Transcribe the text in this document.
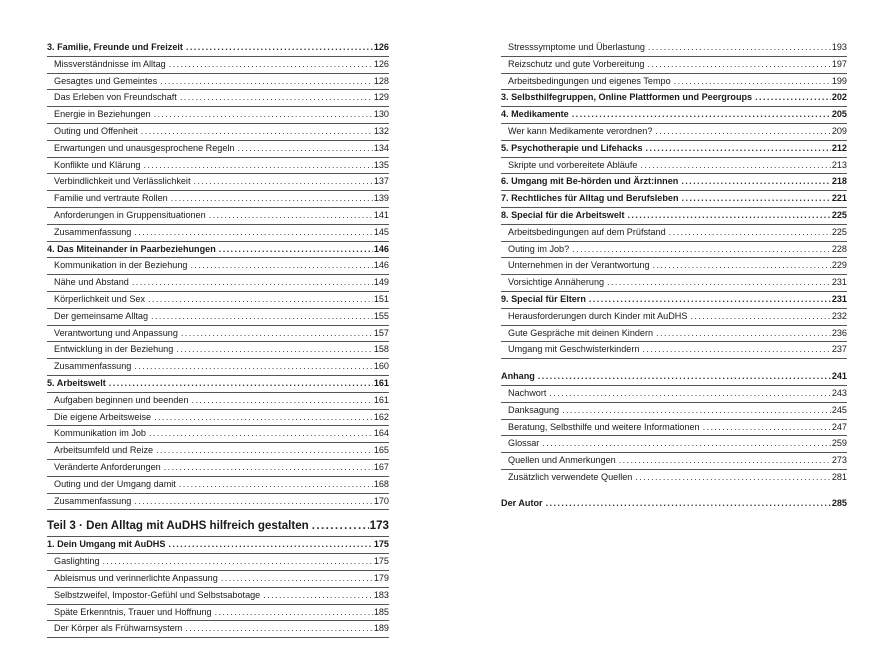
3. Familie, Freunde und Freizeit .....	126
Missverständnisse im Alltag .....	126
Gesagtes und Gemeintes .....	128
Das Erleben von Freundschaft .....	129
Energie in Beziehungen .....	130
Outing und Offenheit .....	132
Erwartungen und unausgesprochene Regeln .....	134
Konflikte und Klärung .....	135
Verbindlichkeit und Verlässlichkeit .....	137
Familie und vertraute Rollen .....	139
Anforderungen in Gruppensituationen .....	141
Zusammenfassung .....	145
4. Das Miteinander in Paarbeziehungen .....	146
Kommunikation in der Beziehung .....	146
Nähe und Abstand .....	149
Körperlichkeit und Sex .....	151
Der gemeinsame Alltag .....	155
Verantwortung und Anpassung .....	157
Entwicklung in der Beziehung .....	158
Zusammenfassung .....	160
5. Arbeitswelt .....	161
Aufgaben beginnen und beenden .....	161
Die eigene Arbeitsweise .....	162
Kommunikation im Job .....	164
Arbeitsumfeld und Reize .....	165
Veränderte Anforderungen .....	167
Outing und der Umgang damit .....	168
Zusammenfassung .....	170
Teil 3 · Den Alltag mit AuDHS hilfreich gestalten .....	173
1. Dein Umgang mit AuDHS .....	175
Gaslighting .....	175
Ableismus und verinnerlichte Anpassung .....	179
Selbstzweifel, Impostor-Gefühl und Selbstsabotage .....	183
Späte Erkenntnis, Trauer und Hoffnung .....	185
Der Körper als Frühwarnsystem .....	189
Stresssymptome und Überlastung .....	193
Reizschutz und gute Vorbereitung .....	197
Arbeitsbedingungen und eigenes Tempo .....	199
3. Selbsthilfegruppen, Online Plattformen und Peergroups .....	202
4. Medikamente .....	205
Wer kann Medikamente verordnen? .....	209
5. Psychotherapie und Lifehacks .....	212
Skripte und vorbereitete Abläufe .....	213
6. Umgang mit Be-hörden und Ärzt:innen .....	218
7. Rechtliches für Alltag und Berufsleben .....	221
8. Special für die Arbeitswelt .....	225
Arbeitsbedingungen auf dem Prüfstand .....	225
Outing im Job? .....	228
Unternehmen in der Verantwortung .....	229
Vorsichtige Annäherung .....	231
9. Special für Eltern .....	231
Herausforderungen durch Kinder mit AuDHS .....	232
Gute Gespräche mit deinen Kindern .....	236
Umgang mit Geschwisterkindern .....	237
Anhang .....	241
Nachwort .....	243
Danksagung .....	245
Beratung, Selbsthilfe und weitere Informationen .....	247
Glossar .....	259
Quellen und Anmerkungen .....	273
Zusätzlich verwendete Quellen .....	281
Der Autor .....	285
